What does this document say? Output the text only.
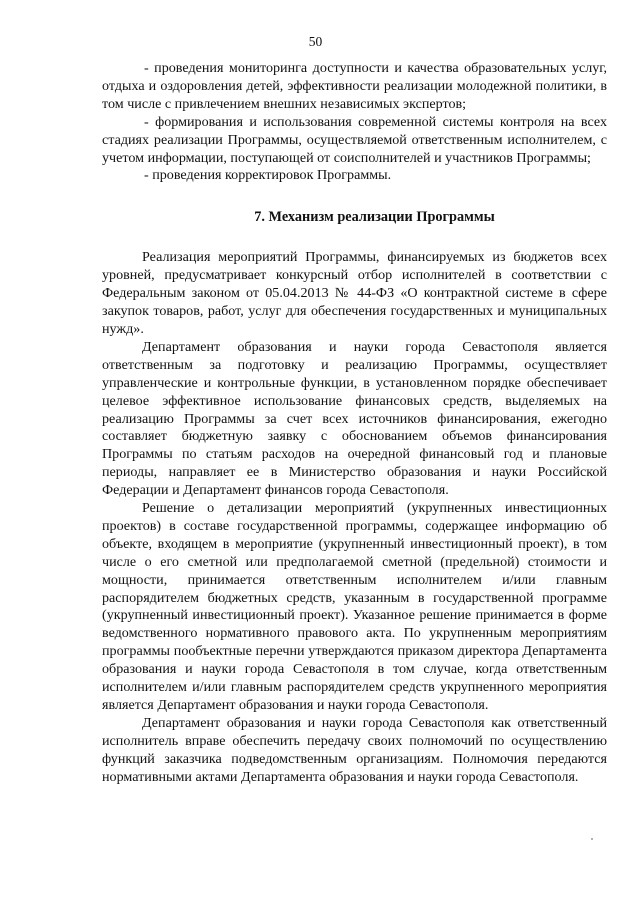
50

- проведения мониторинга доступности и качества образовательных услуг, отдыха и оздоровления детей, эффективности реализации молодежной политики, в том числе с привлечением внешних независимых экспертов;

- формирования и использования современной системы контроля на всех стадиях реализации Программы, осуществляемой ответственным исполнителем, с учетом информации, поступающей от соисполнителей и участников Программы;

- проведения корректировок Программы.

7. Механизм реализации Программы

Реализация мероприятий Программы, финансируемых из бюджетов всех уровней, предусматривает конкурсный отбор исполнителей в соответствии с Федеральным законом от 05.04.2013 № 44-ФЗ «О контрактной системе в сфере закупок товаров, работ, услуг для обеспечения государственных и муниципальных нужд».

Департамент образования и науки города Севастополя является ответственным за подготовку и реализацию Программы, осуществляет управленческие и контрольные функции, в установленном порядке обеспечивает целевое эффективное использование финансовых средств, выделяемых на реализацию Программы за счет всех источников финансирования, ежегодно составляет бюджетную заявку с обоснованием объемов финансирования Программы по статьям расходов на очередной финансовый год и плановые периоды, направляет ее в Министерство образования и науки Российской Федерации и Департамент финансов города Севастополя.

Решение о детализации мероприятий (укрупненных инвестиционных проектов) в составе государственной программы, содержащее информацию об объекте, входящем в мероприятие (укрупненный инвестиционный проект), в том числе о его сметной или предполагаемой сметной (предельной) стоимости и мощности, принимается ответственным исполнителем и/или главным распорядителем бюджетных средств, указанным в государственной программе (укрупненный инвестиционный проект). Указанное решение принимается в форме ведомственного нормативного правового акта. По укрупненным мероприятиям программы пообъектные перечни утверждаются приказом директора Департамента образования и науки города Севастополя в том случае, когда ответственным исполнителем и/или главным распорядителем средств укрупненного мероприятия является Департамент образования и науки города Севастополя.

Департамент образования и науки города Севастополя как ответственный исполнитель вправе обеспечить передачу своих полномочий по осуществлению функций заказчика подведомственным организациям. Полномочия передаются нормативными актами Департамента образования и науки города Севастополя.
